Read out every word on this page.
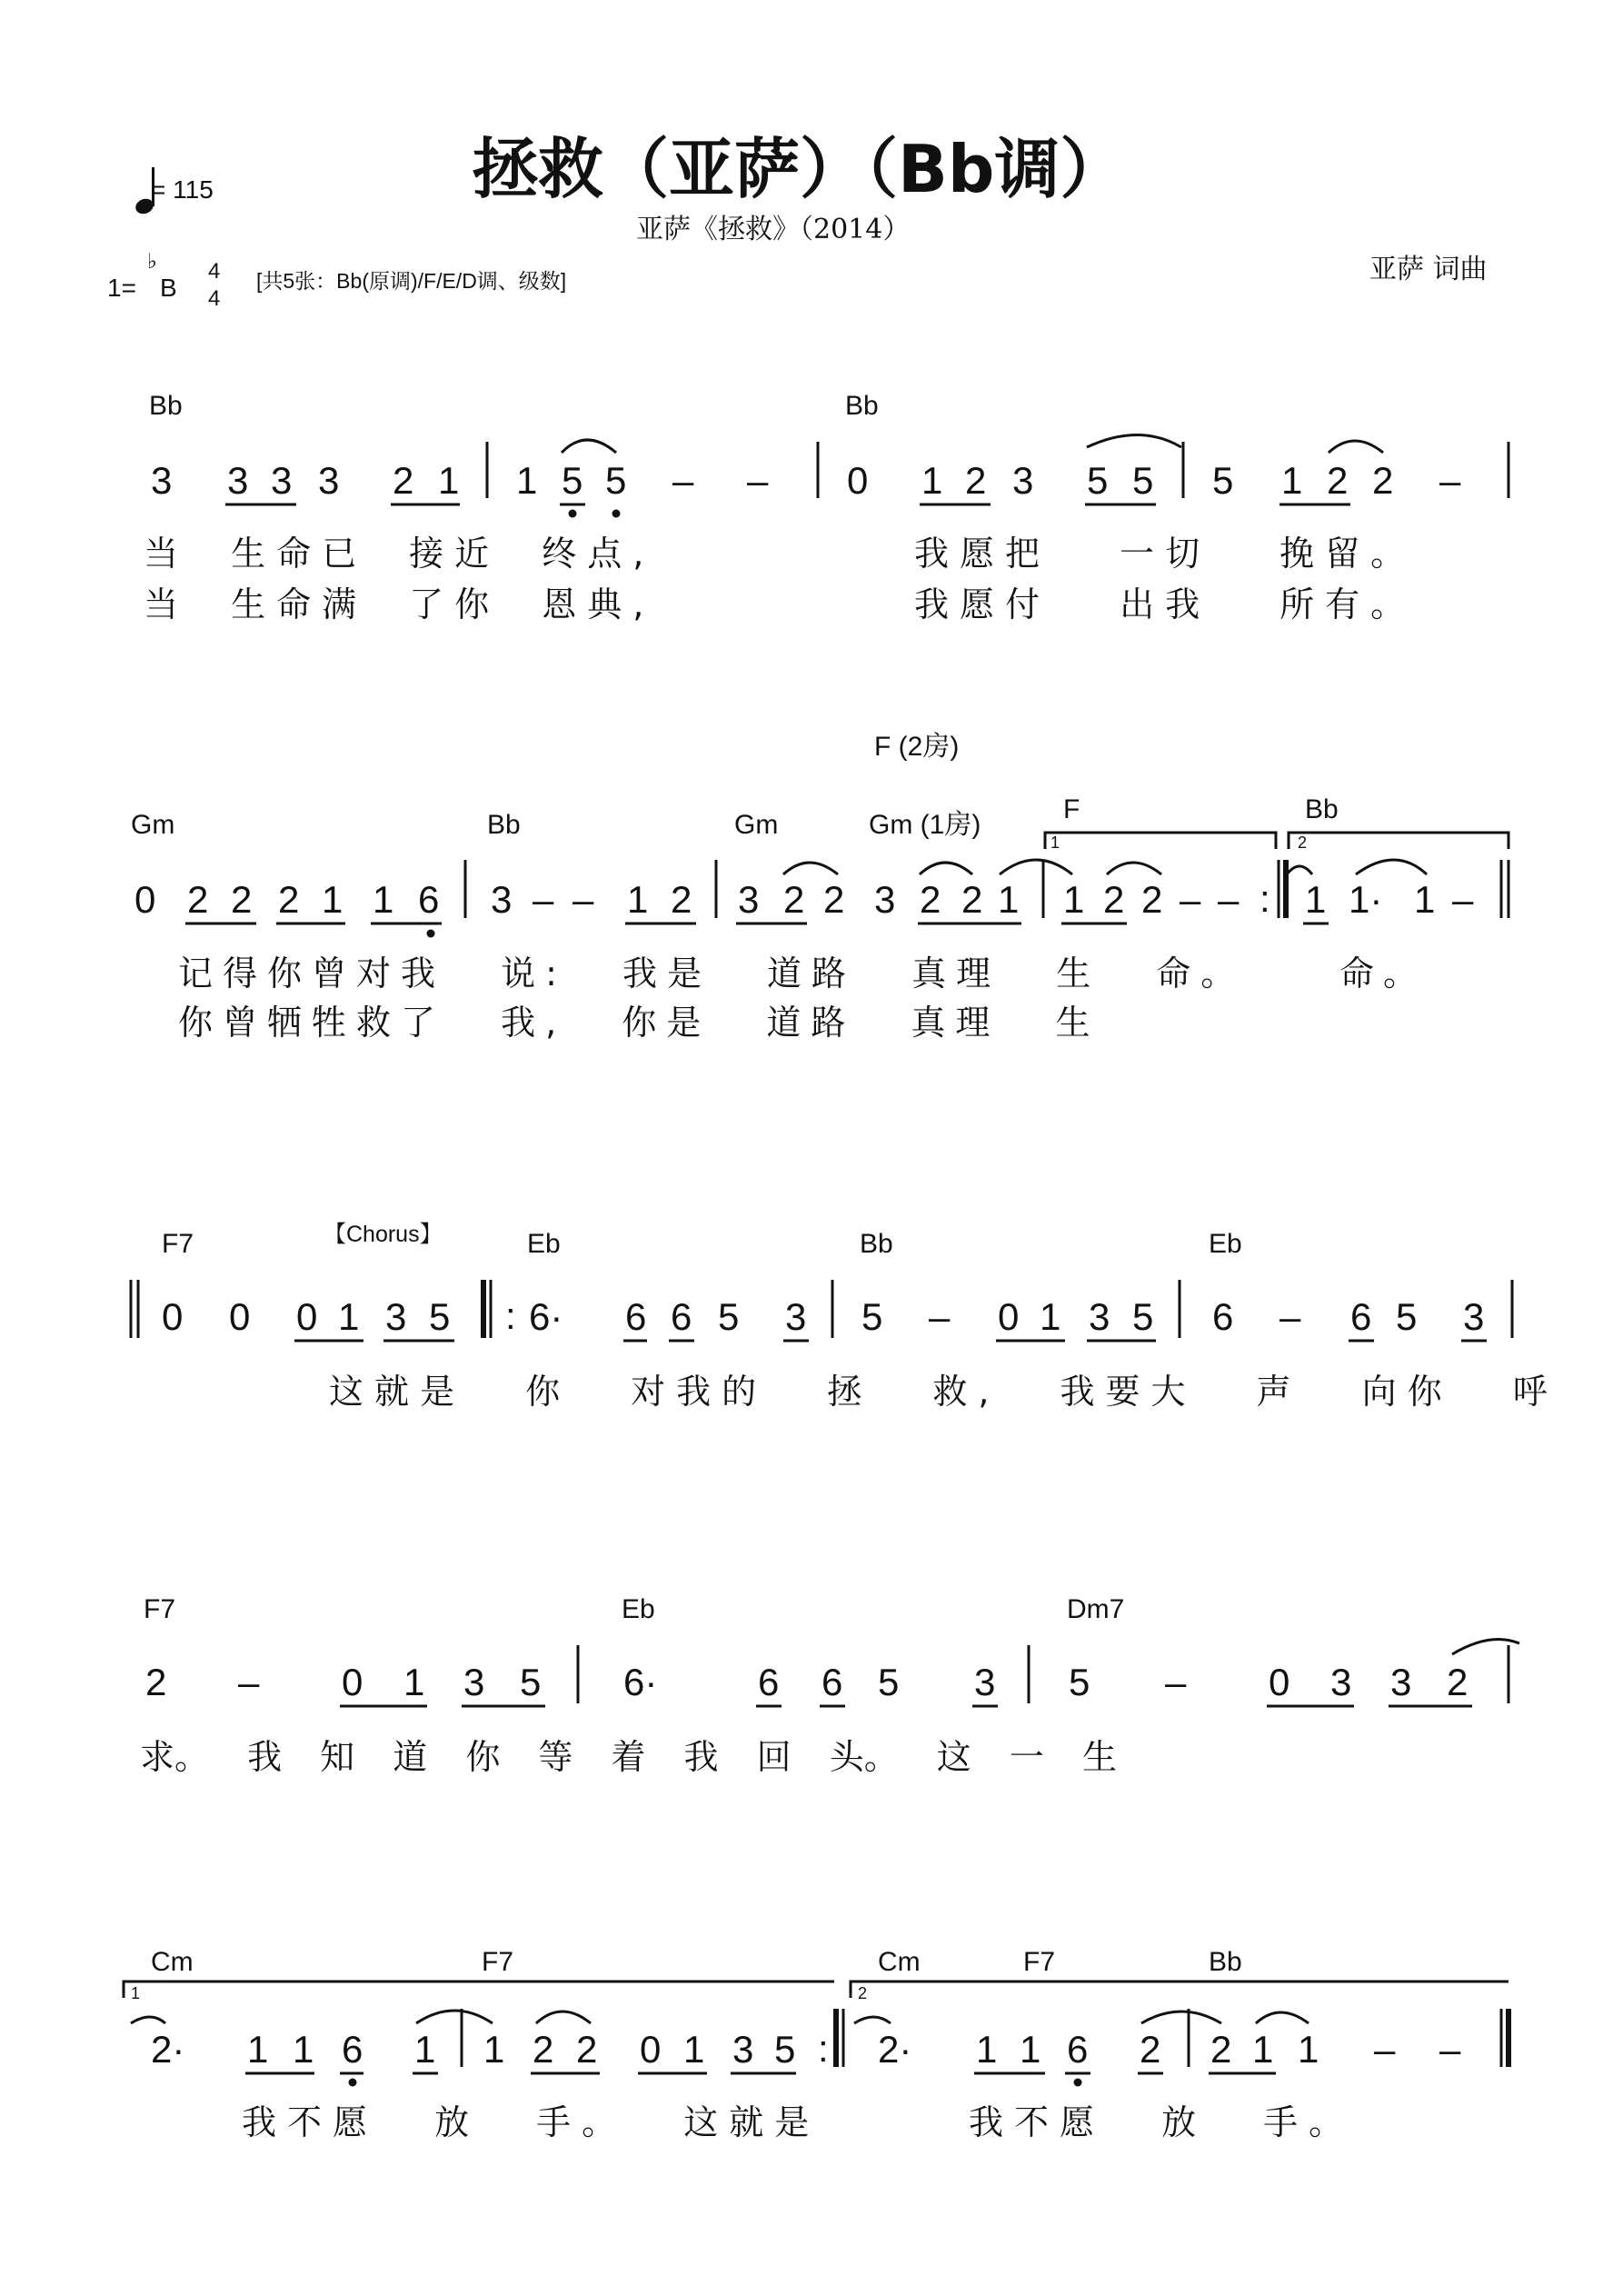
拯救（亚萨）（Bb调）
亚萨《拯救》（2014）
= 115
1=
♭
B
4
4
[共5张：Bb(原调)/F/E/D调、级数]	亚萨 词曲
Bb	Bb
3 3 3 3 2 1 1 5 5 – – 0 1 2 3 5 5 5 1 2 2 –
当 生命已 接近 终点,	我愿把 一切 挽留。
当 生命满 了你 恩典,	我愿付 出我 所有。
Gm	Bb	Gm	Gm (1房)
F (2房)
F	Bb
1	2
0 2 2 2 1 1 6 3 – – 1 2 3 2 2 3 2 2 1 1 2 2 – – : 1 1· 1 –
记得你曾对我 说: 我是 道路 真理 生 命。	命。
你曾牺牲救了 我, 你是 道路 真理 生
F7	【Chorus】	Eb	Bb	Eb
0 0 0 1 3 5 : 6· 6 6 5 3 5 – 0 1 3 5 6 – 6 5 3
这就是 你 对我的 拯 救, 我要大 声 向你 呼
F7	Eb	Dm7
2 – 0 1 3 5 6·	6 6 5 3 5 – 0 3 3 2
求。 我 知 道 你 等 着 我 回 头。 这 一 生
Cm	F7	Cm	F7	Bb
1	2
2· 1 1 6 1 1 2 2 0 1 3 5 : 2· 1 1 6 2 2 1 1 – –
我不愿 放 手。 这就是	我不愿 放 手。
